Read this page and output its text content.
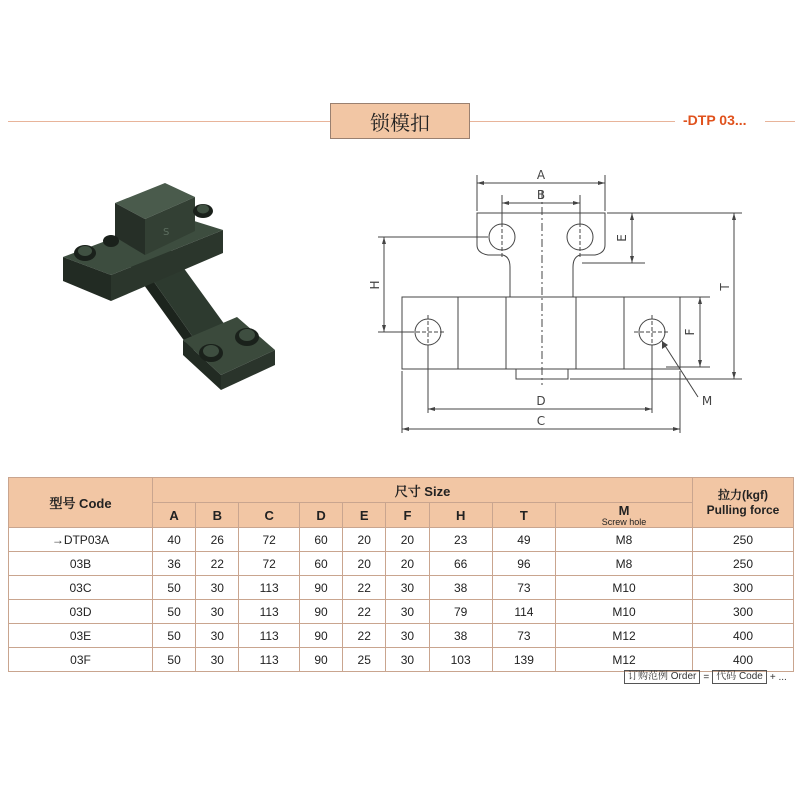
锁模扣	-DTP 03...
S
A
B
D
C
E
H
F
T
M
型号 Code	尺寸 Size									拉力(kgf)
Pulling force
	A	B	C	D	E	F	H	T	M
Screw hole	

→DTP03A	40	26	72	60	20	20	23	49	M8	250
03B	36	22	72	60	20	20	66	96	M8	250
03C	50	30	113	90	22	30	38	73	M10	300
03D	50	30	113	90	22	30	79	114	M10	300
03E	50	30	113	90	22	30	38	73	M12	400
03F	50	30	113	90	25	30	103	139	M12	400
订购范例 Order = 代码 Code + ...
